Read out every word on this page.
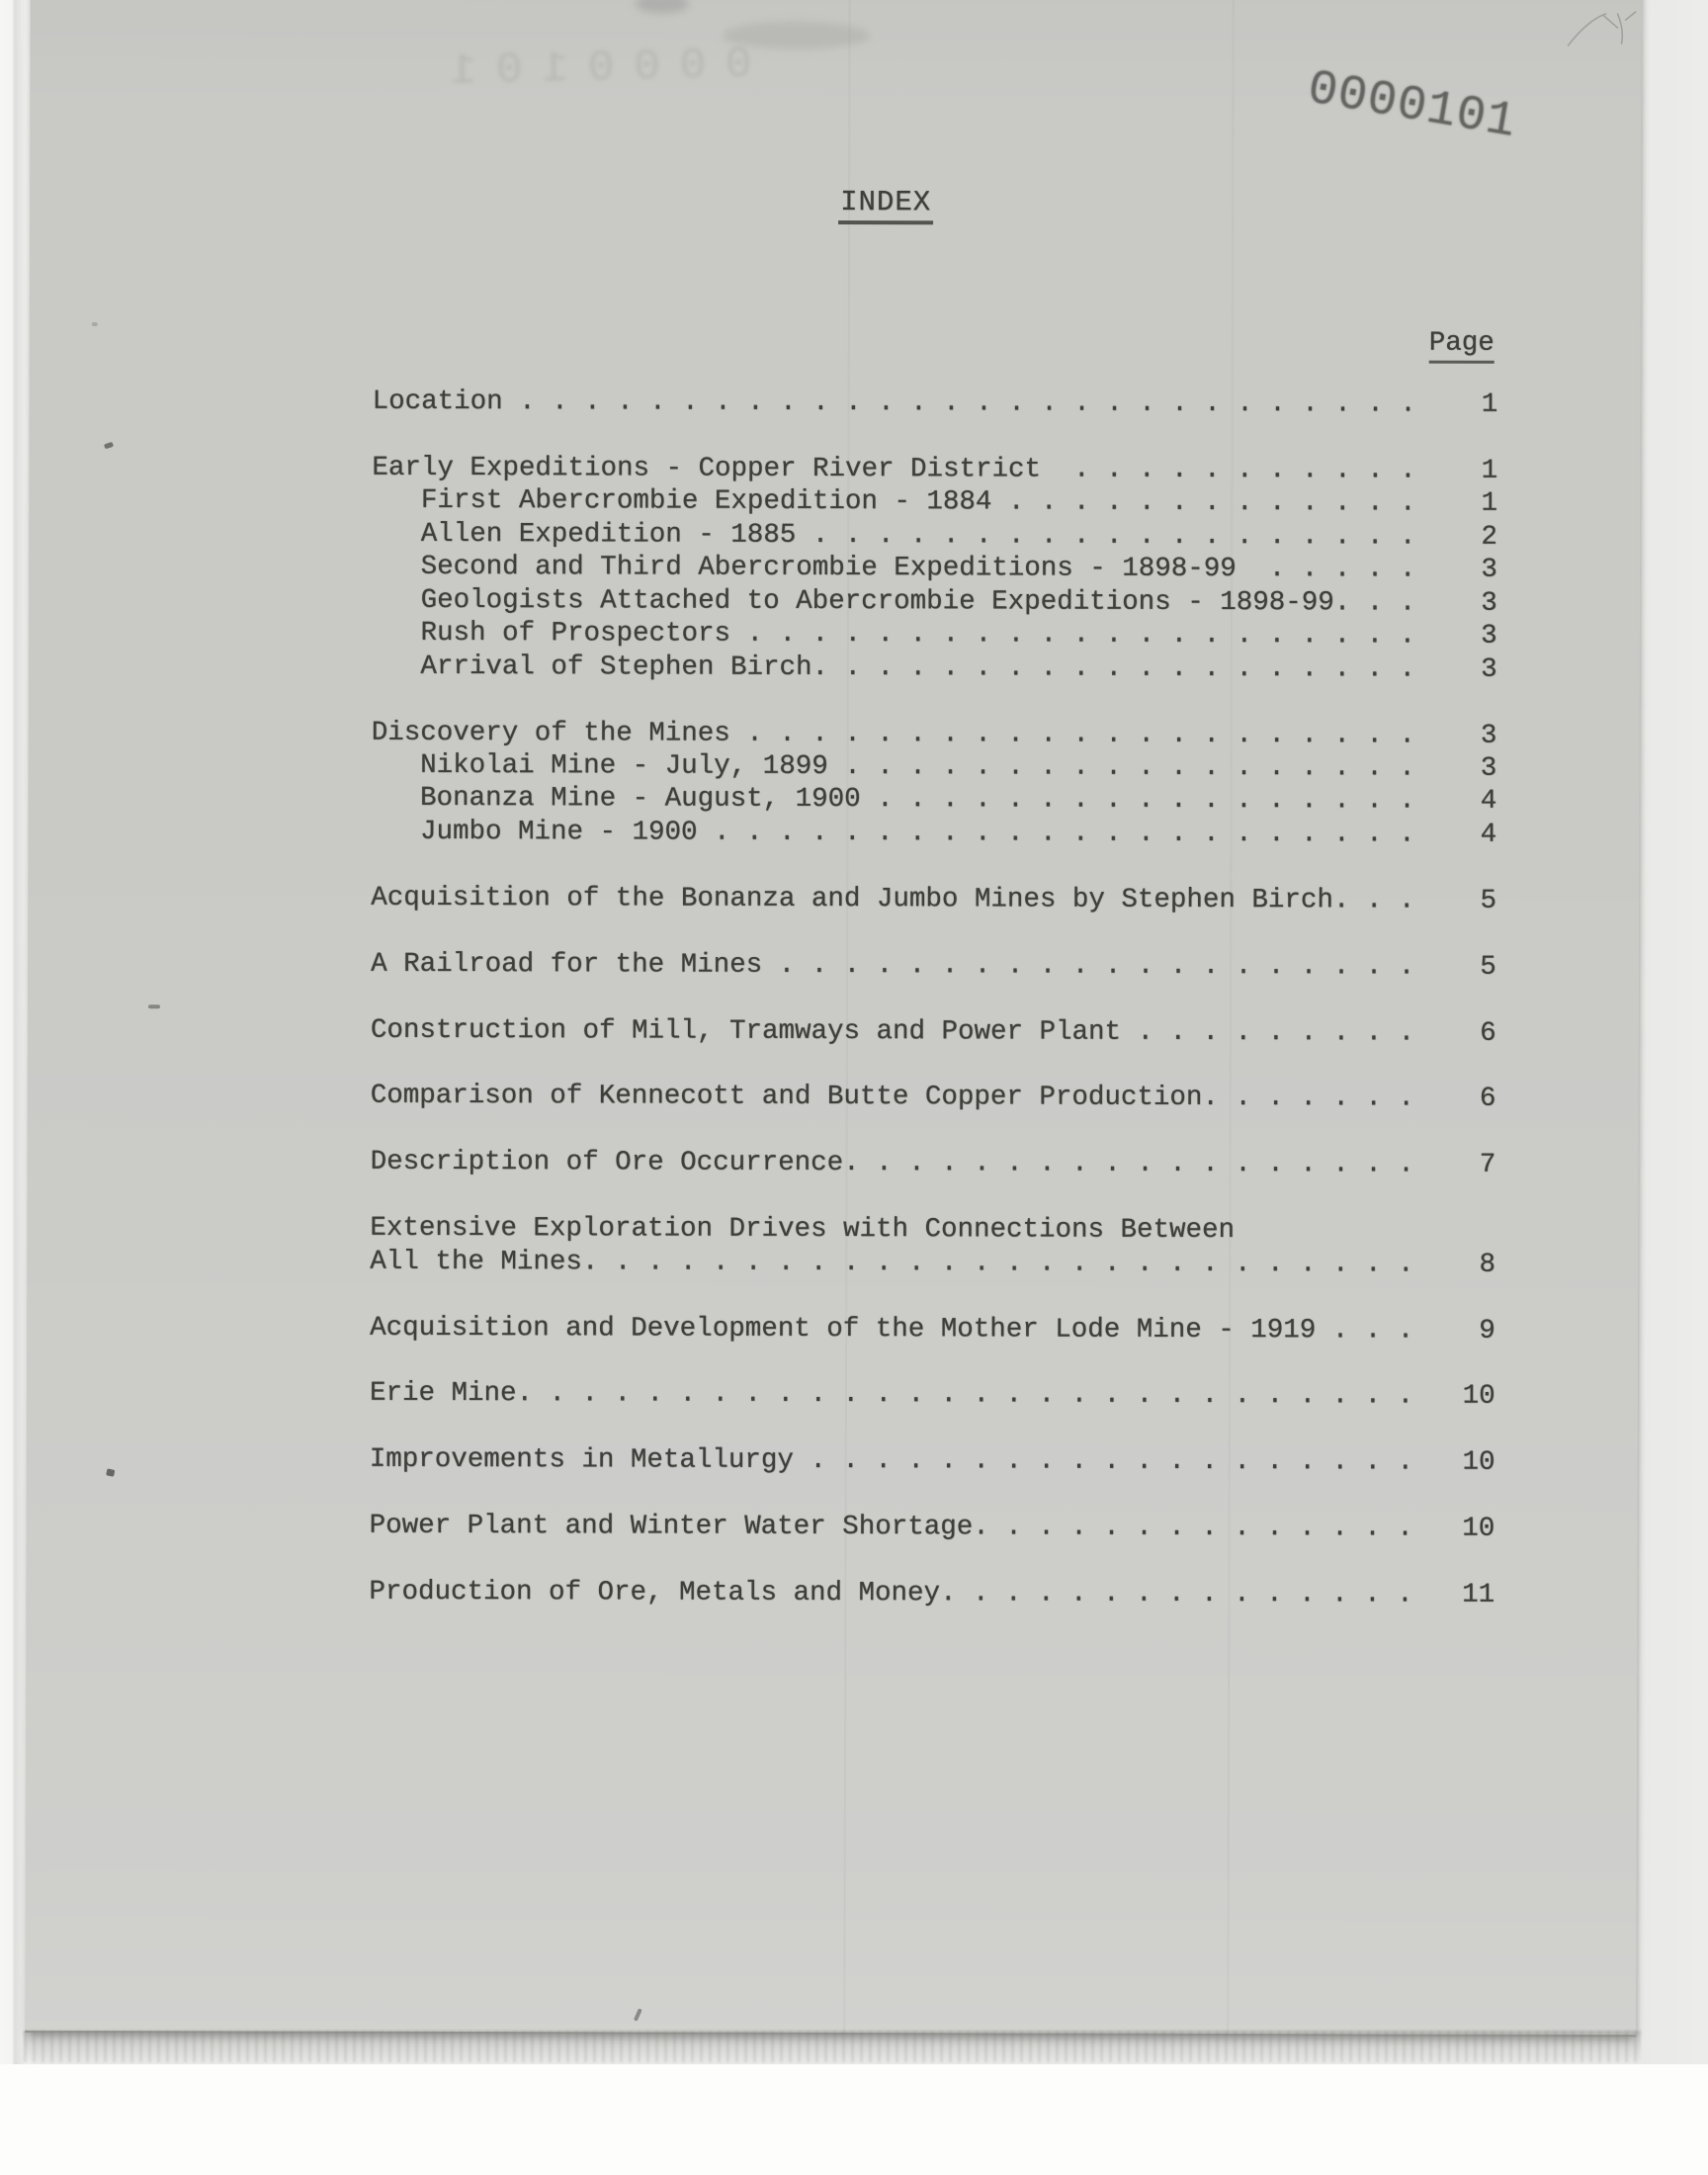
0000101	0000101
INDEX
Page
Location . . . . . . . . . . . . . . . . . . . . . . . . . . . .    1
Early Expeditions - Copper River District  . . . . . . . . . . .    1
First Abercrombie Expedition - 1884 . . . . . . . . . . . . .    1
Allen Expedition - 1885 . . . . . . . . . . . . . . . . . . .    2
Second and Third Abercrombie Expeditions - 1898-99  . . . . .    3
Geologists Attached to Abercrombie Expeditions - 1898-99. . .    3
Rush of Prospectors . . . . . . . . . . . . . . . . . . . . .    3
Arrival of Stephen Birch. . . . . . . . . . . . . . . . . . .    3
Discovery of the Mines . . . . . . . . . . . . . . . . . . . . .    3
Nikolai Mine - July, 1899 . . . . . . . . . . . . . . . . . .    3
Bonanza Mine - August, 1900 . . . . . . . . . . . . . . . . .    4
Jumbo Mine - 1900 . . . . . . . . . . . . . . . . . . . . . .    4
Acquisition of the Bonanza and Jumbo Mines by Stephen Birch. . .    5
A Railroad for the Mines . . . . . . . . . . . . . . . . . . . .    5
Construction of Mill, Tramways and Power Plant . . . . . . . . .    6
Comparison of Kennecott and Butte Copper Production. . . . . . .    6
Description of Ore Occurrence. . . . . . . . . . . . . . . . . .    7
Extensive Exploration Drives with Connections Between
All the Mines. . . . . . . . . . . . . . . . . . . . . . . . . .    8
Acquisition and Development of the Mother Lode Mine - 1919 . . .    9
Erie Mine. . . . . . . . . . . . . . . . . . . . . . . . . . . .   10
Improvements in Metallurgy . . . . . . . . . . . . . . . . . . .   10
Power Plant and Winter Water Shortage. . . . . . . . . . . . . .   10
Production of Ore, Metals and Money. . . . . . . . . . . . . . .   11
